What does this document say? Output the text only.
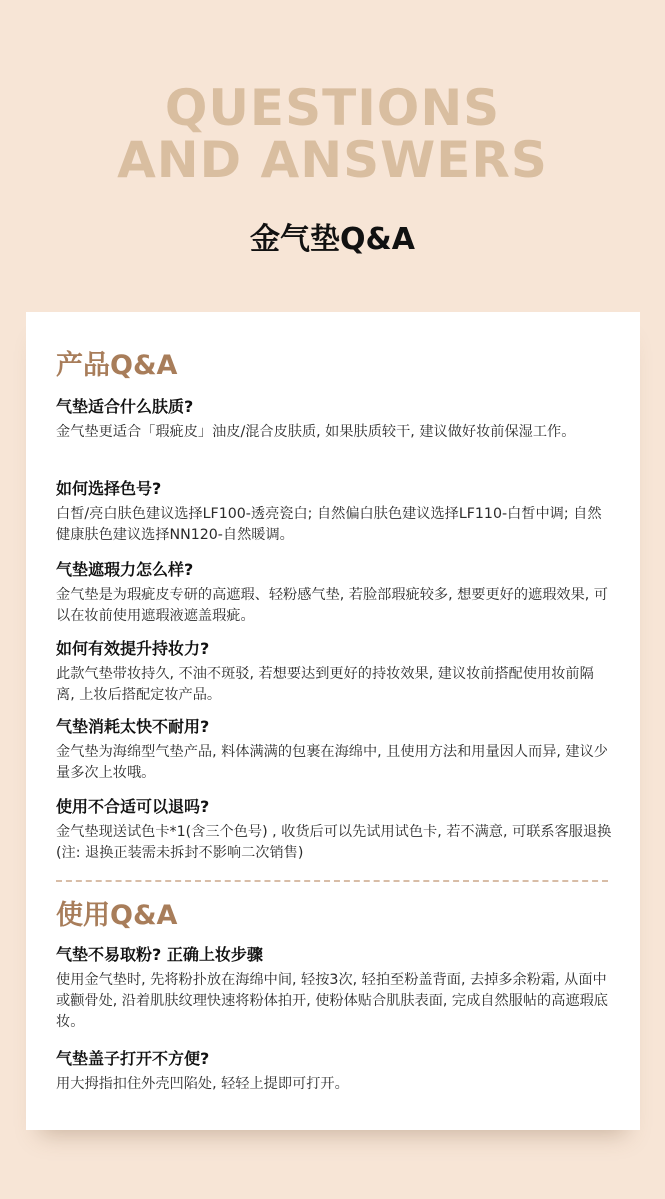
QUESTIONS
AND ANSWERS
金气垫Q&A
产品Q&A
气垫适合什么肤质?
金气垫更适合「瑕疵皮」油皮/混合皮肤质, 如果肤质较干, 建议做好妆前保湿工作。
如何选择色号?
白皙/亮白肤色建议选择LF100-透亮瓷白; 自然偏白肤色建议选择LF110-白皙中调; 自然健康肤色建议选择NN120-自然暖调。
气垫遮瑕力怎么样?
金气垫是为瑕疵皮专研的高遮瑕、轻粉感气垫, 若脸部瑕疵较多, 想要更好的遮瑕效果, 可以在妆前使用遮瑕液遮盖瑕疵。
如何有效提升持妆力?
此款气垫带妆持久, 不油不斑驳, 若想要达到更好的持妆效果, 建议妆前搭配使用妆前隔离, 上妆后搭配定妆产品。
气垫消耗太快不耐用?
金气垫为海绵型气垫产品, 料体满满的包裹在海绵中, 且使用方法和用量因人而异, 建议少量多次上妆哦。
使用不合适可以退吗?
金气垫现送试色卡*1(含三个色号) , 收货后可以先试用试色卡, 若不满意, 可联系客服退换 (注: 退换正装需未拆封不影响二次销售)
使用Q&A
气垫不易取粉? 正确上妆步骤
使用金气垫时, 先将粉扑放在海绵中间, 轻按3次, 轻拍至粉盖背面, 去掉多余粉霜, 从面中或颧骨处, 沿着肌肤纹理快速将粉体拍开, 使粉体贴合肌肤表面, 完成自然服帖的高遮瑕底妆。
气垫盖子打开不方便?
用大拇指扣住外壳凹陷处, 轻轻上提即可打开。
